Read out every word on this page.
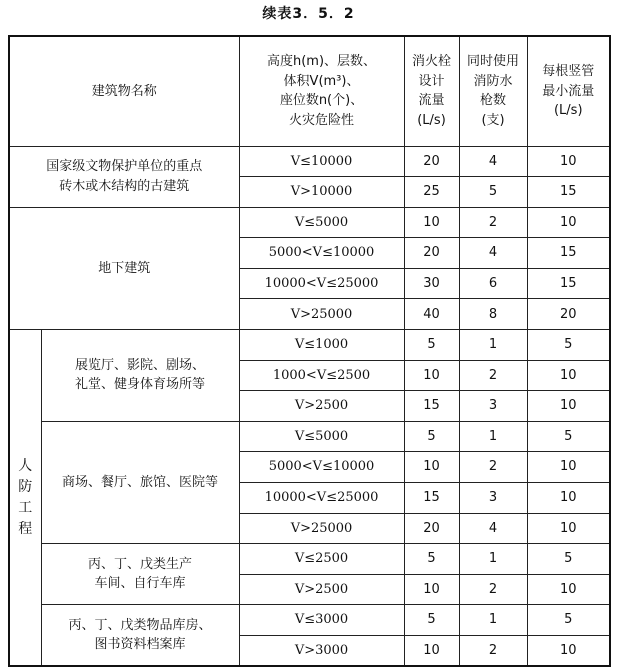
续表3．5．2
建筑物名称		高度h(m)、层数、
体积V(m³)、
座位数n(个)、
火灾危险性	消火栓
设计
流量
(L/s)	同时使用
消防水
枪数
(支)	每根竖管
最小流量
(L/s)
国家级文物保护单位的重点
砖木或木结构的古建筑		V≤10000	20	4	10
		V>10000	25	5	15
地下建筑		V≤5000	10	2	10
		5000<V≤10000	20	4	15
		10000<V≤25000	30	6	15
		V>25000	40	8	20
人
防
工
程	展览厅、影院、剧场、
礼堂、健身体育场所等	V≤1000	5	1	5
		1000<V≤2500	10	2	10
		V>2500	15	3	10
	商场、餐厅、旅馆、医院等	V≤5000	5	1	5
		5000<V≤10000	10	2	10
		10000<V≤25000	15	3	10
		V>25000	20	4	10
	丙、丁、戊类生产
车间、自行车库	V≤2500	5	1	5
		V>2500	10	2	10
	丙、丁、戊类物品库房、
图书资料档案库	V≤3000	5	1	5
		V>3000	10	2	10
